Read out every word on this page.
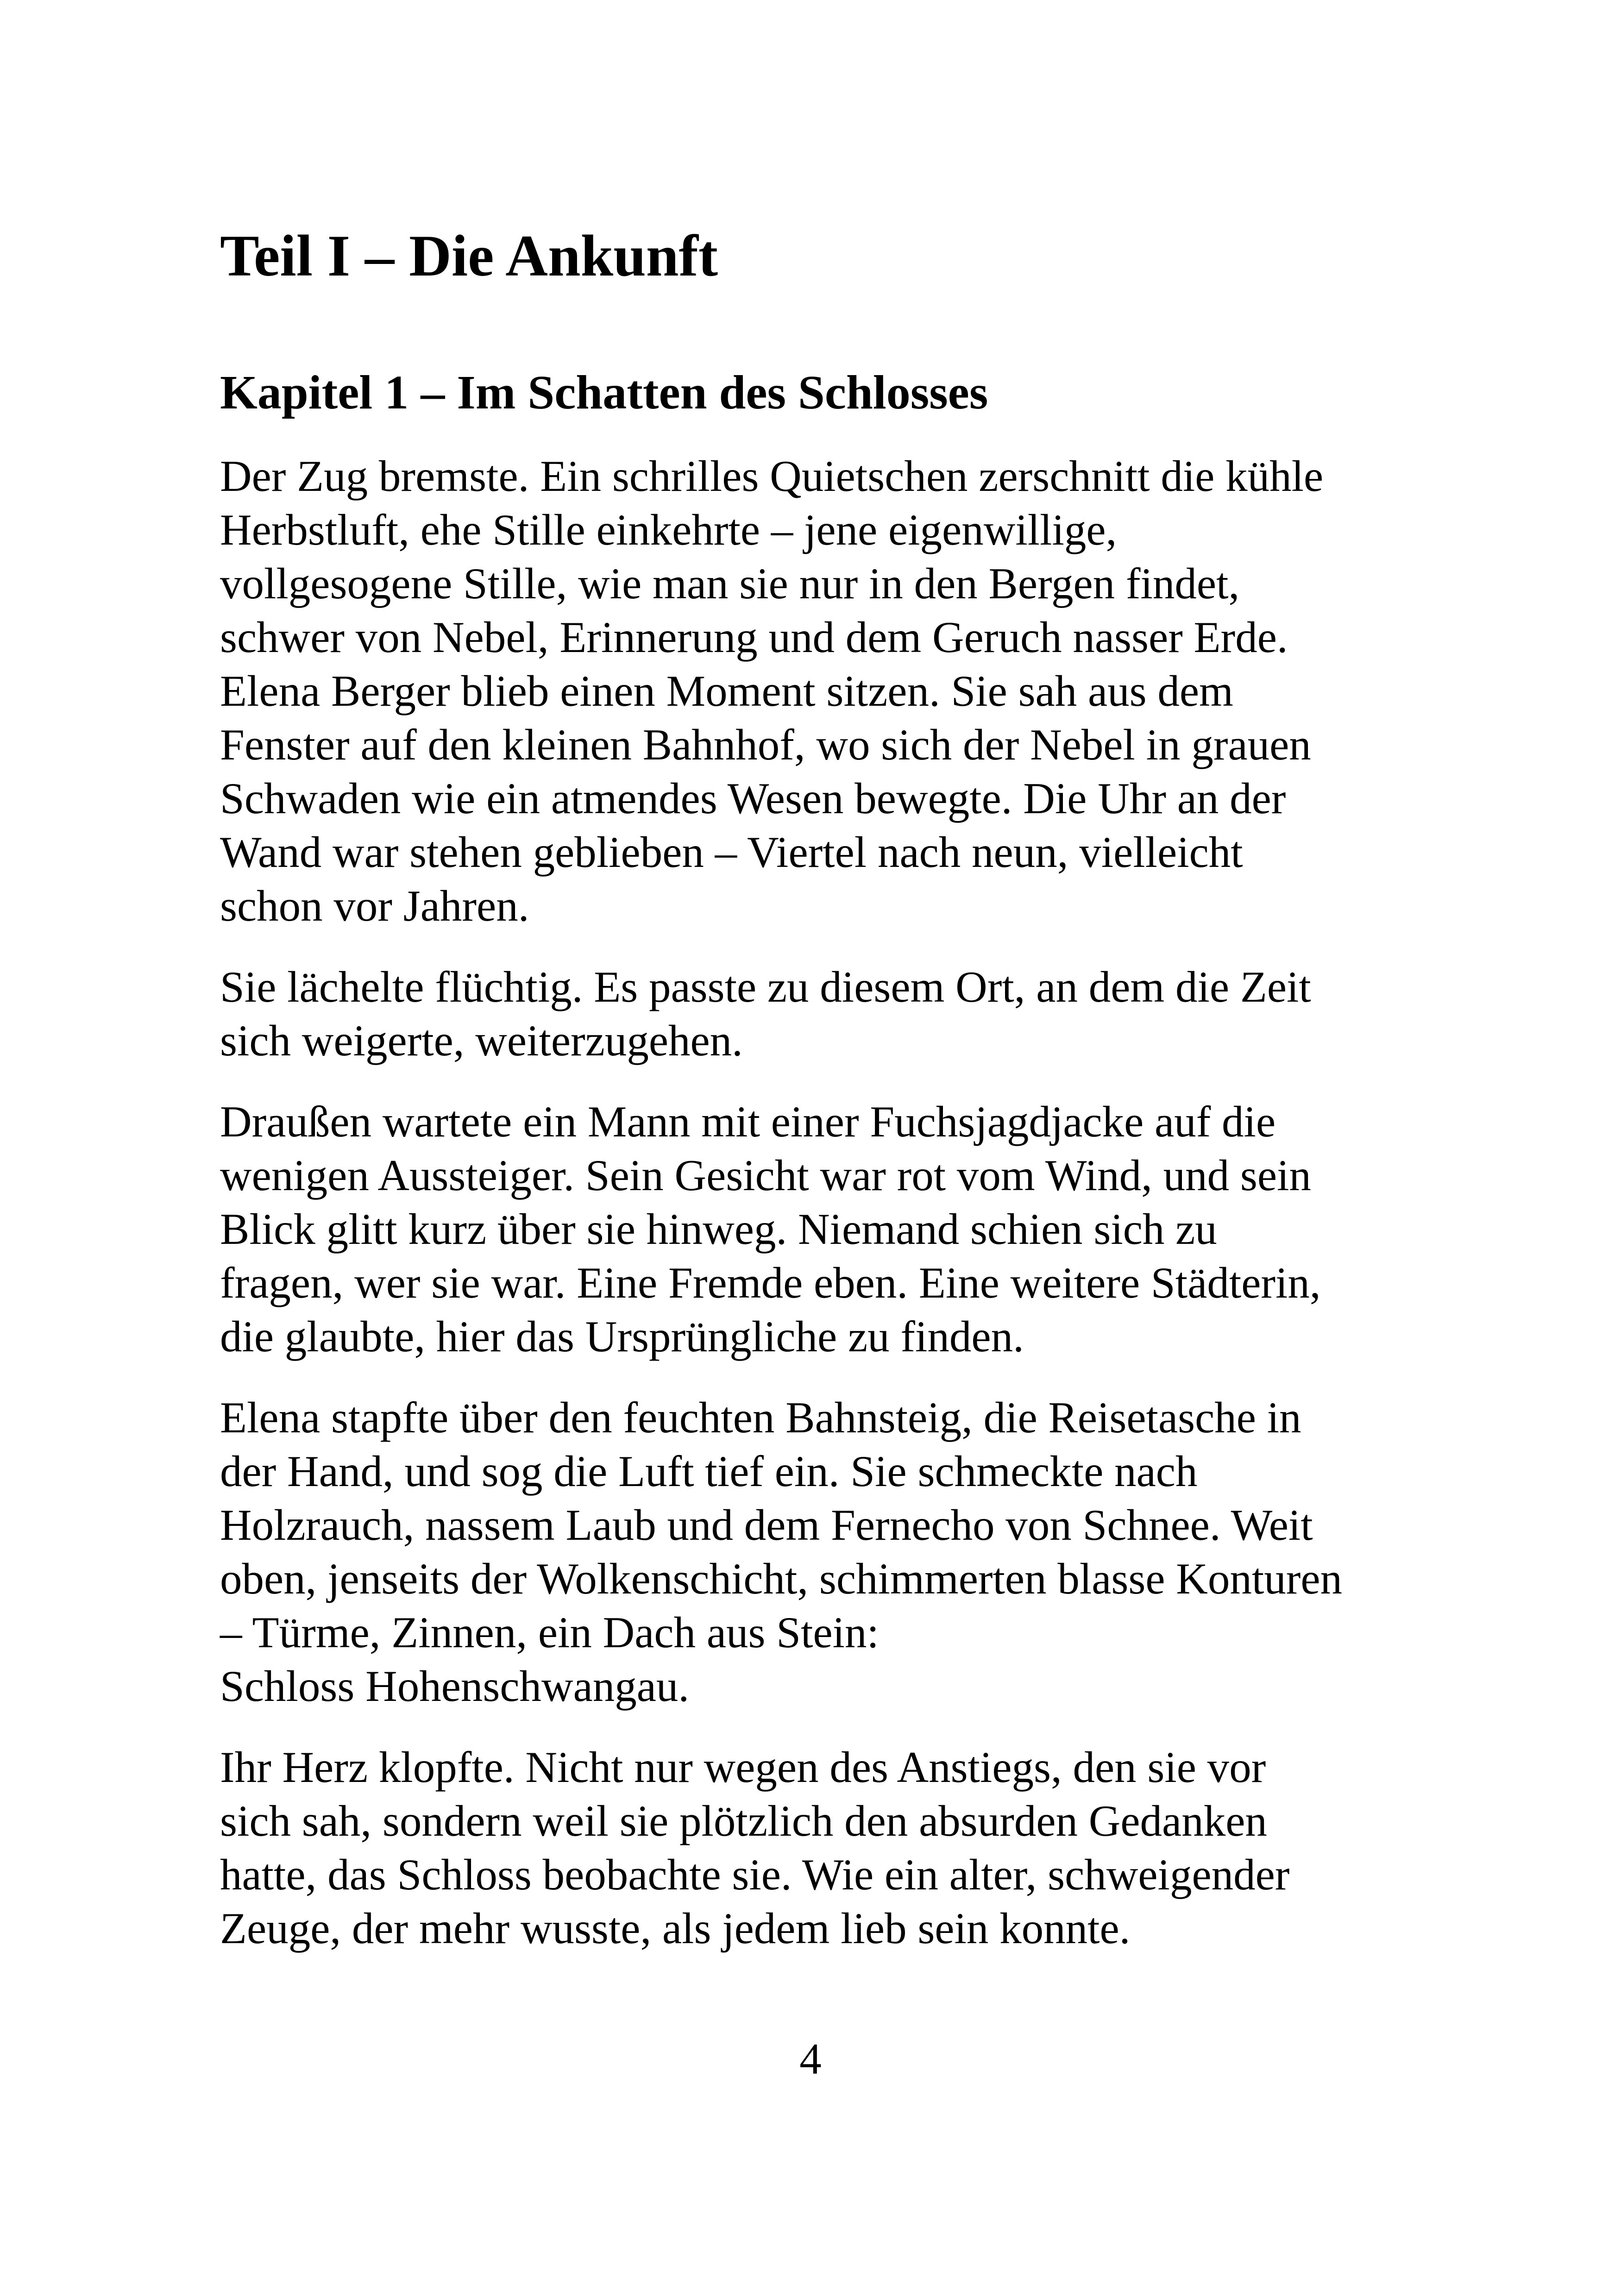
Teil I – Die Ankunft
Kapitel 1 – Im Schatten des Schlosses

Der Zug bremste. Ein schrilles Quietschen zerschnitt die kühle
Herbstluft, ehe Stille einkehrte – jene eigenwillige,
vollgesogene Stille, wie man sie nur in den Bergen findet,
schwer von Nebel, Erinnerung und dem Geruch nasser Erde.
Elena Berger blieb einen Moment sitzen. Sie sah aus dem
Fenster auf den kleinen Bahnhof, wo sich der Nebel in grauen
Schwaden wie ein atmendes Wesen bewegte. Die Uhr an der
Wand war stehen geblieben – Viertel nach neun, vielleicht
schon vor Jahren.

Sie lächelte flüchtig. Es passte zu diesem Ort, an dem die Zeit
sich weigerte, weiterzugehen.

Draußen wartete ein Mann mit einer Fuchsjagdjacke auf die
wenigen Aussteiger. Sein Gesicht war rot vom Wind, und sein
Blick glitt kurz über sie hinweg. Niemand schien sich zu
fragen, wer sie war. Eine Fremde eben. Eine weitere Städterin,
die glaubte, hier das Ursprüngliche zu finden.

Elena stapfte über den feuchten Bahnsteig, die Reisetasche in
der Hand, und sog die Luft tief ein. Sie schmeckte nach
Holzrauch, nassem Laub und dem Fernecho von Schnee. Weit
oben, jenseits der Wolkenschicht, schimmerten blasse Konturen
– Türme, Zinnen, ein Dach aus Stein:
Schloss Hohenschwangau.

Ihr Herz klopfte. Nicht nur wegen des Anstiegs, den sie vor
sich sah, sondern weil sie plötzlich den absurden Gedanken
hatte, das Schloss beobachte sie. Wie ein alter, schweigender
Zeuge, der mehr wusste, als jedem lieb sein konnte.

4
